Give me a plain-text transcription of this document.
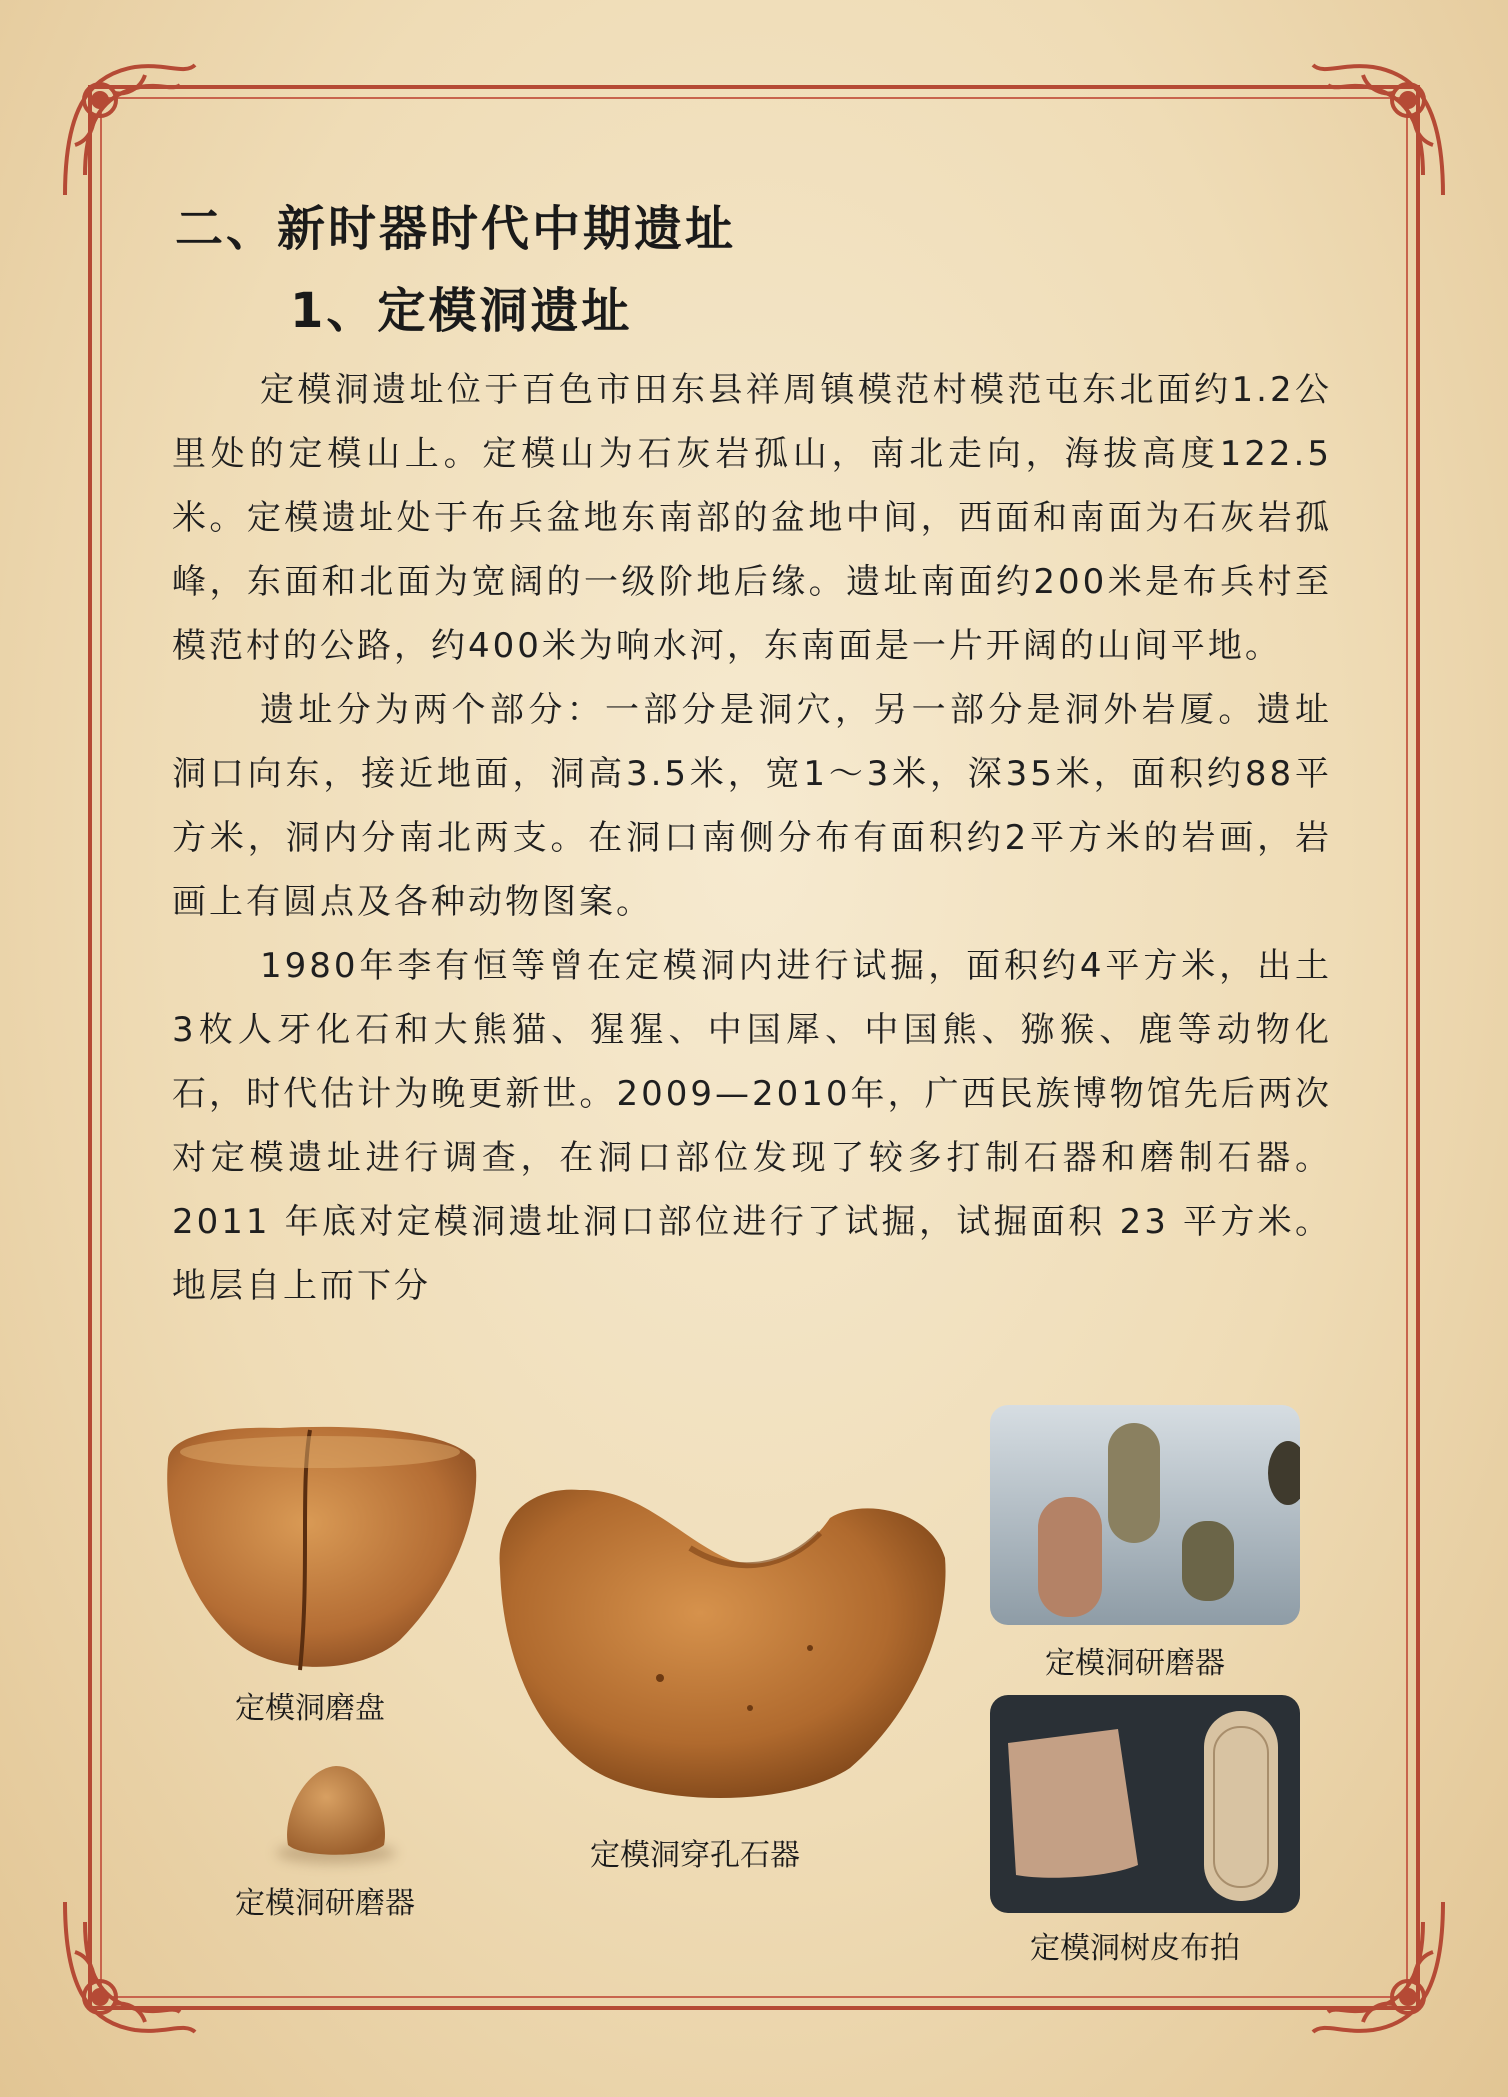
二、新时器时代中期遗址
1、定模洞遗址

定模洞遗址位于百色市田东县祥周镇模范村模范屯东北面约1.2公里处的定模山上。定模山为石灰岩孤山，南北走向，海拔高度122.5米。定模遗址处于布兵盆地东南部的盆地中间，西面和南面为石灰岩孤峰，东面和北面为宽阔的一级阶地后缘。遗址南面约200米是布兵村至模范村的公路，约400米为响水河，东南面是一片开阔的山间平地。

遗址分为两个部分：一部分是洞穴，另一部分是洞外岩厦。遗址洞口向东，接近地面，洞高3.5米，宽1～3米，深35米，面积约88平方米，洞内分南北两支。在洞口南侧分布有面积约2平方米的岩画，岩画上有圆点及各种动物图案。

1980年李有恒等曾在定模洞内进行试掘，面积约4平方米，出土3枚人牙化石和大熊猫、猩猩、中国犀、中国熊、猕猴、鹿等动物化石，时代估计为晚更新世。2009—2010年，广西民族博物馆先后两次对定模遗址进行调查，在洞口部位发现了较多打制石器和磨制石器。2011 年底对定模洞遗址洞口部位进行了试掘，试掘面积 23 平方米。地层自上而下分

定模洞磨盘
定模洞研磨器
定模洞穿孔石器
定模洞研磨器
定模洞树皮布拍
